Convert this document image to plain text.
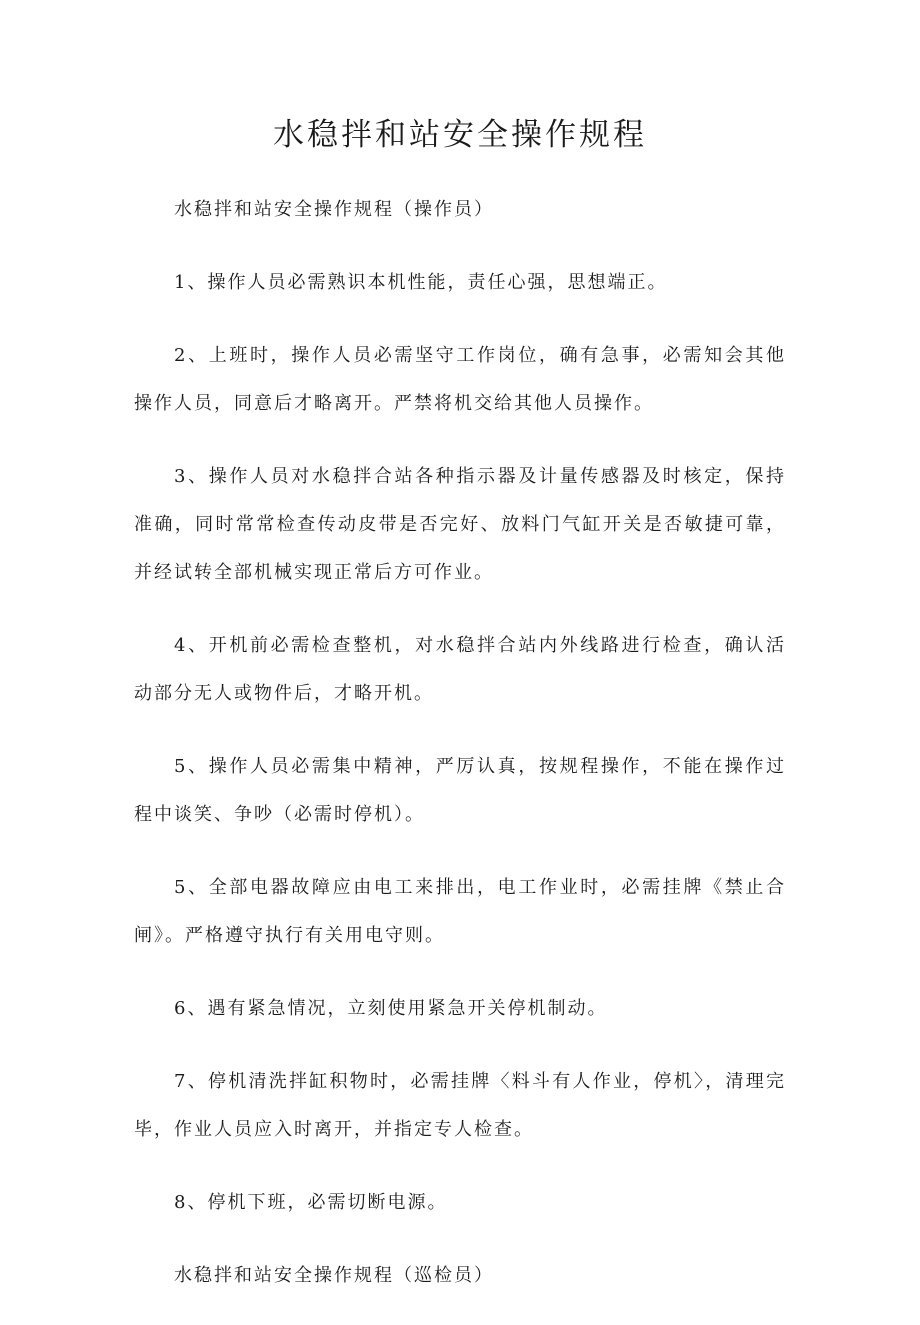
水稳拌和站安全操作规程

水稳拌和站安全操作规程（操作员）

1、操作人员必需熟识本机性能，责任心强，思想端正。

2、上班时，操作人员必需坚守工作岗位，确有急事，必需知会其他操作人员，同意后才略离开。严禁将机交给其他人员操作。

3、操作人员对水稳拌合站各种指示器及计量传感器及时核定，保持准确，同时常常检查传动皮带是否完好、放料门气缸开关是否敏捷可靠，并经试转全部机械实现正常后方可作业。

4、开机前必需检查整机，对水稳拌合站内外线路进行检查，确认活动部分无人或物件后，才略开机。

5、操作人员必需集中精神，严厉认真，按规程操作，不能在操作过程中谈笑、争吵（必需时停机）。

5、全部电器故障应由电工来排出，电工作业时，必需挂牌《禁止合闸》。严格遵守执行有关用电守则。

6、遇有紧急情况，立刻使用紧急开关停机制动。

7、停机清洗拌缸积物时，必需挂牌〈料斗有人作业，停机〉，清理完毕，作业人员应入时离开，并指定专人检查。

8、停机下班，必需切断电源。

水稳拌和站安全操作规程（巡检员）
